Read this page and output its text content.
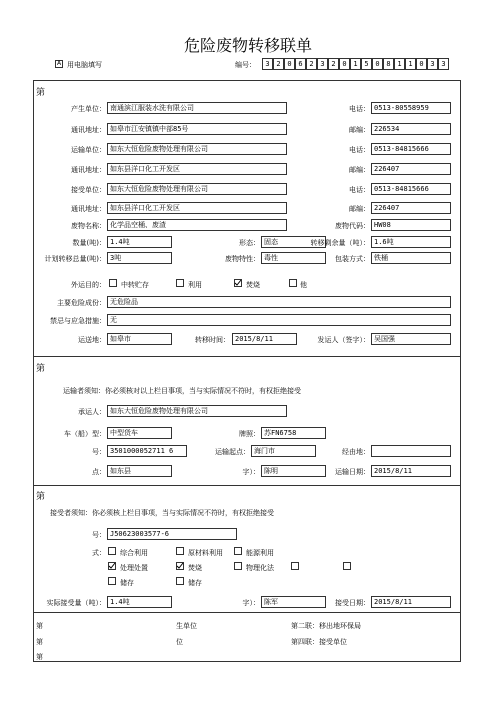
危险废物转移联单
A 用电脑填写	编号：	3 2 0 6 2 3 2 0 1 5 0 8 1 1 0 3 3
第
产生单位： 南通滨江服装水洗有限公司	电话： 0513-80558959
通讯地址： 如皋市江安镇镇中部85号	邮编： 226534
运输单位： 如东大恒危险废物处理有限公司	电话： 0513-84815666
通讯地址： 如东县洋口化工开发区	邮编： 226407
接受单位： 如东大恒危险废物处理有限公司	电话： 0513-84815666
通讯地址： 如东县洋口化工开发区	邮编： 226407
废物名称： 化学品空桶、废渣	废物代码： HW08
数量(吨)： 1.4吨	形态： 固态	转移剩余量（吨）： 1.6吨
计划转移总量(吨)： 3吨	废物特性： 毒性	包装方式： 铁桶
外运目的： 中转贮存	利用	焚烧	他
主要危险成份： 无危险品
禁忌与应急措施： 无
运送地： 如皋市	转移时间： 2015/8/11	发运人（签字）： 吴国强
第
运输者须知：你必须核对以上栏目事项，当与实际情况不符时，有权拒绝接受
承运人： 如东大恒危险废物处理有限公司
车（船）型： 中型货车	牌照： 苏FN6758
号： 3501000052711 6	运输起点： 海门市	经由地：
点： 如东县	字）： 陈明	运输日期： 2015/8/11
第
接受者须知：你必须核上栏目事项，当与实际情况不符时，有权拒绝接受
号： J50623003577-6
式： 综合利用	原材料利用	能源利用
处理处置	焚烧	物理化法
储存	储存
实际接受量（吨）： 1.4吨	字）： 陈军	接受日期： 2015/8/11
第	生单位	第二联：移出地环保局
第	位	第四联：接受单位
第
